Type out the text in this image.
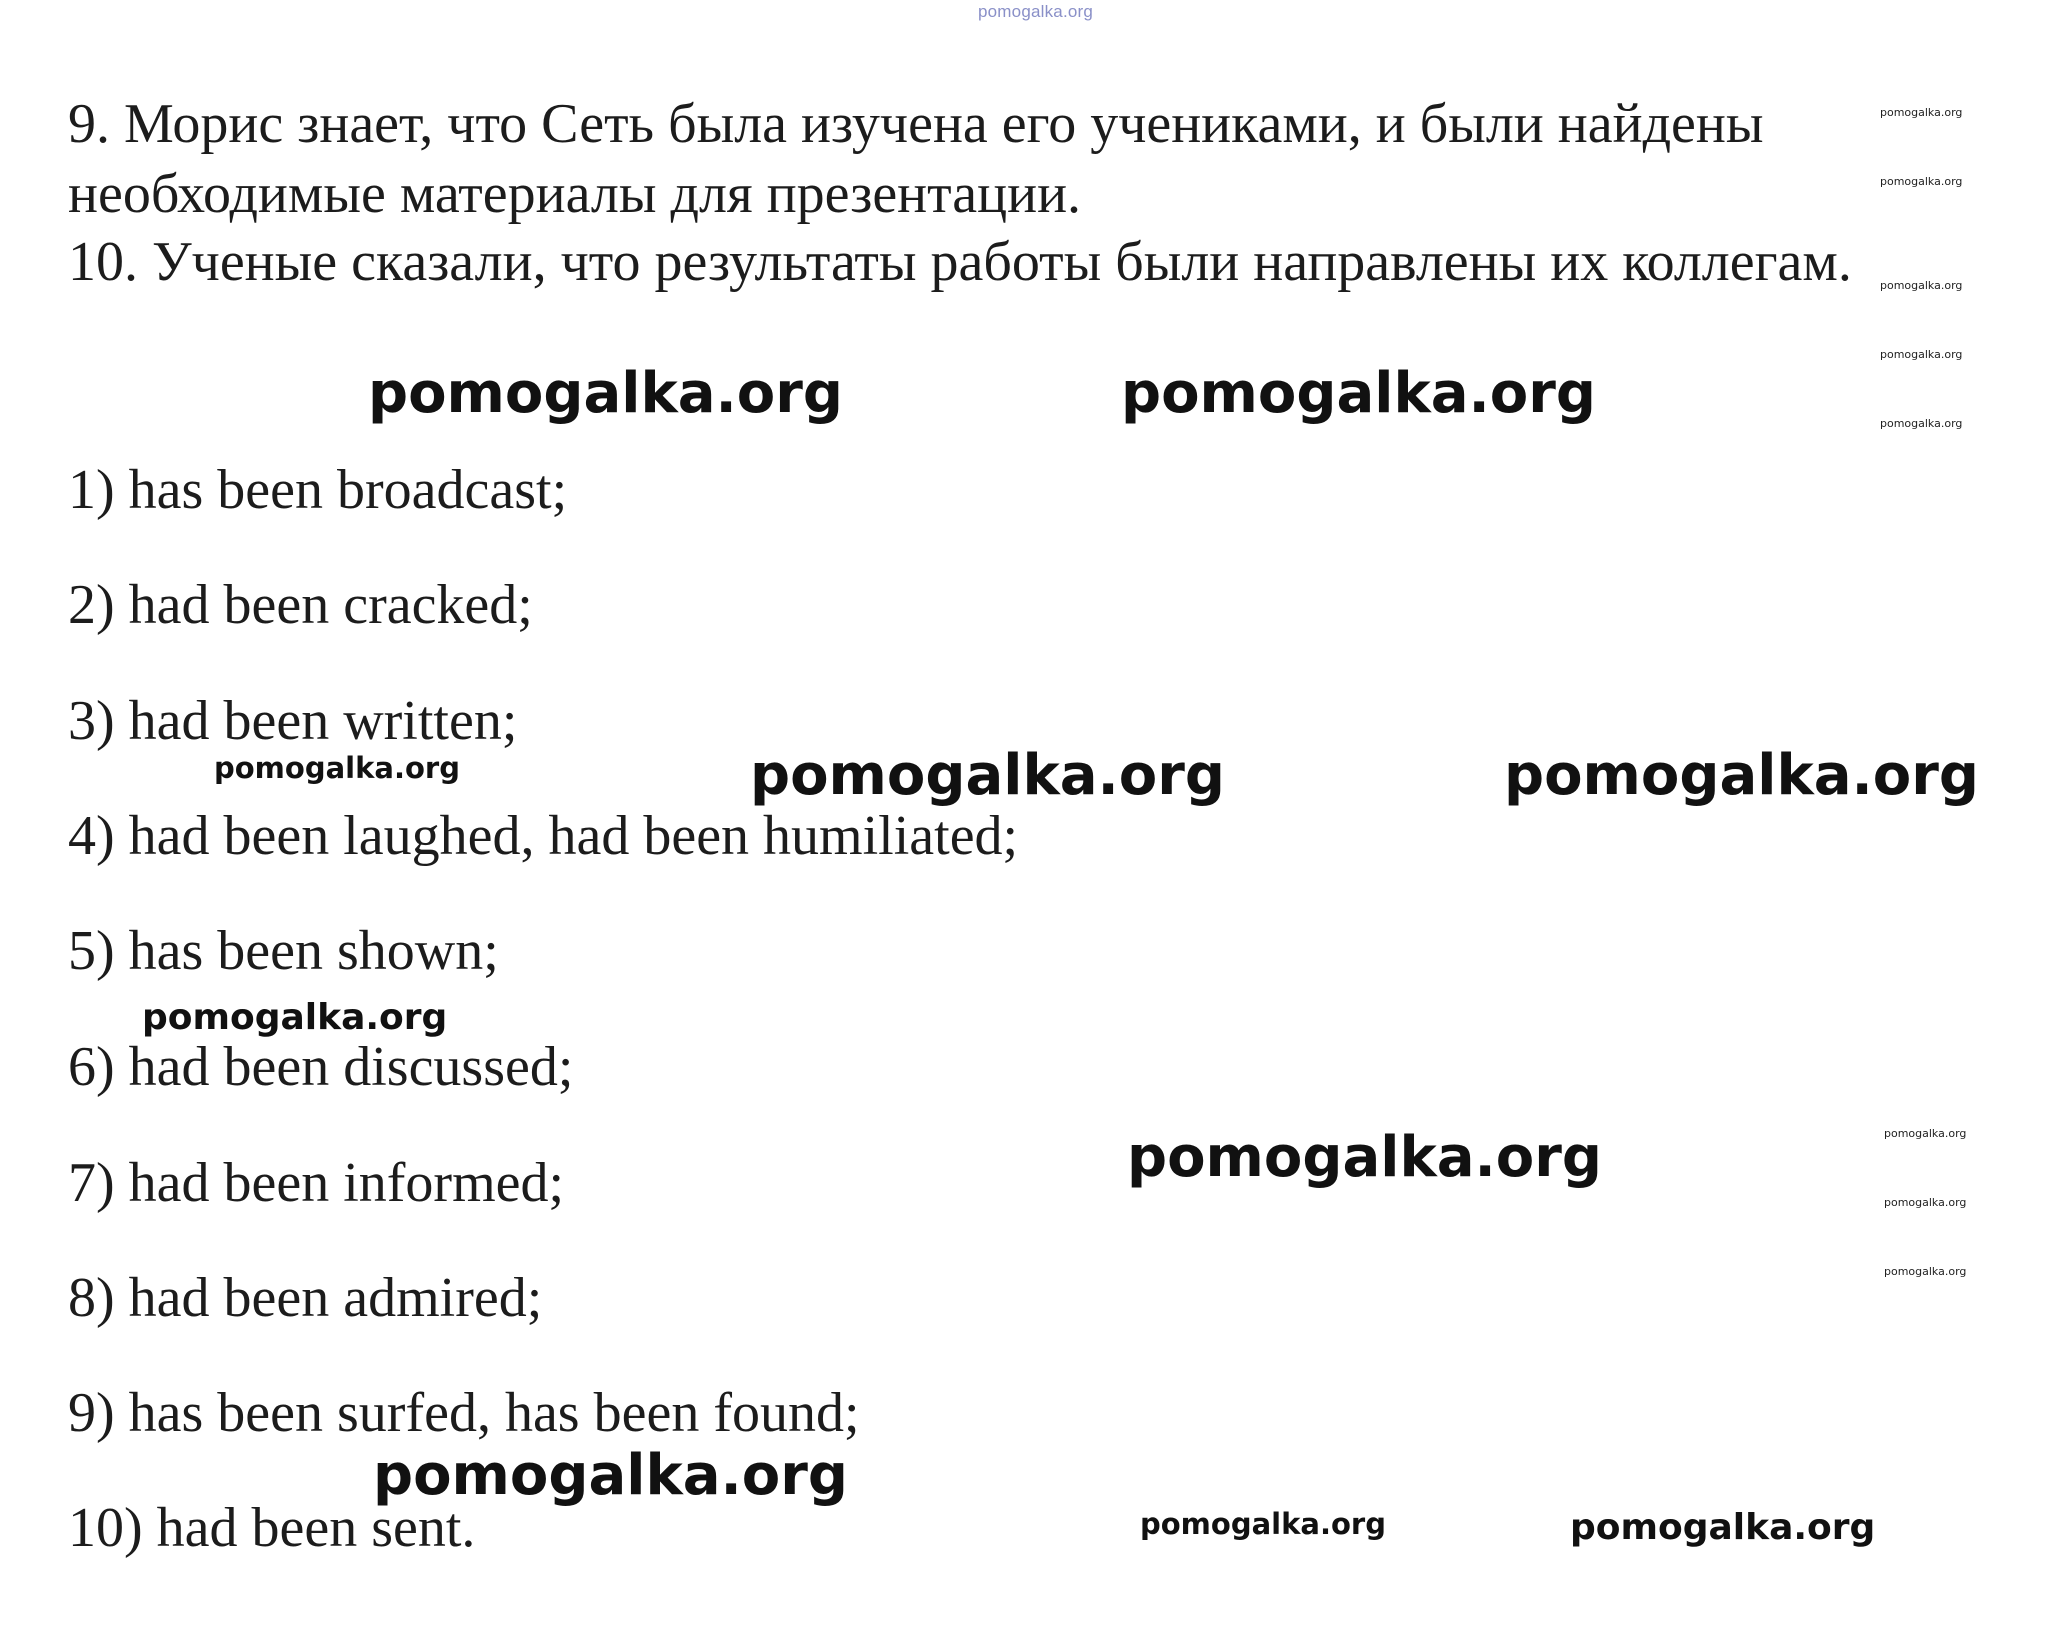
pomogalka.org
9. Морис знает, что Сеть была изучена его учениками, и были найдены
необходимые материалы для презентации.
10. Ученые сказали, что результаты работы были направлены их коллегам.
1) has been broadcast;
2) had been cracked;
3) had been written;
4) had been laughed, had been humiliated;
5) has been shown;
6) had been discussed;
7) had been informed;
8) had been admired;
9) has been surfed, has been found;
10) had been sent.
pomogalka.org	pomogalka.org
pomogalka.org	pomogalka.org
pomogalka.org
pomogalka.org
pomogalka.org
pomogalka.org
pomogalka.org
pomogalka.org
pomogalka.org
pomogalka.org
pomogalka.org
pomogalka.org
pomogalka.org
pomogalka.org
pomogalka.org
pomogalka.org
